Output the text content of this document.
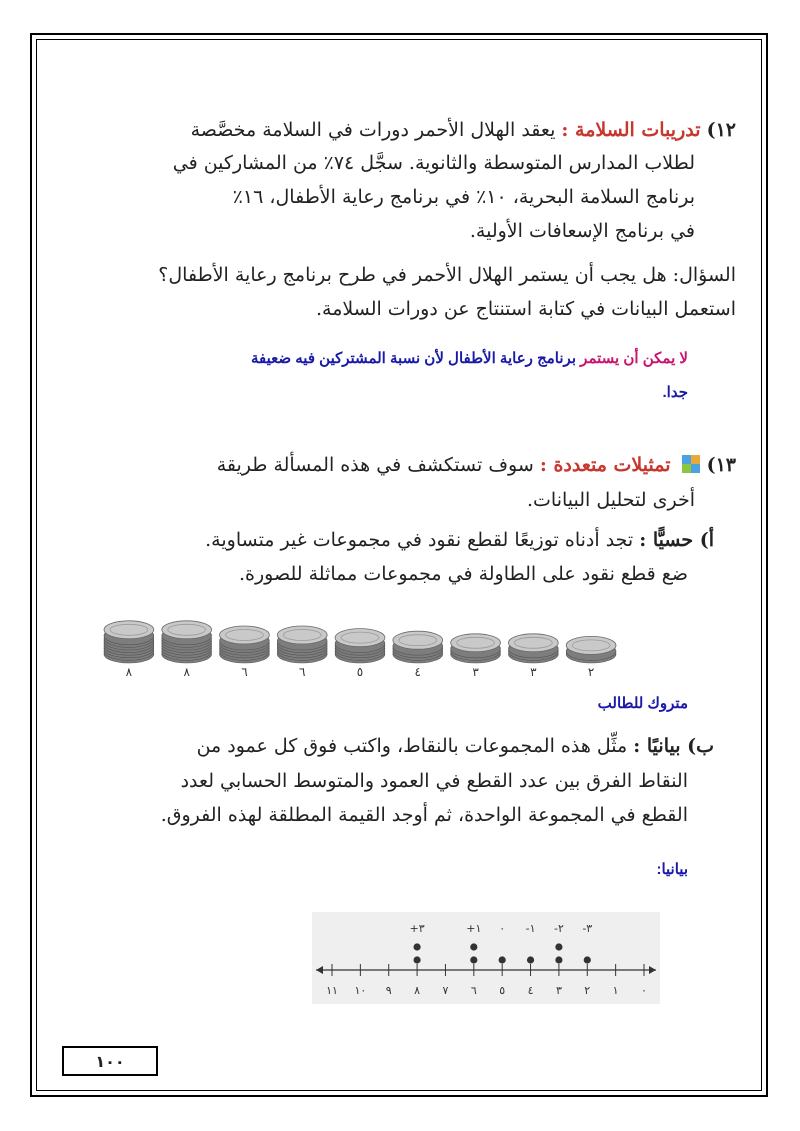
١٢) تدريبات السلامة : يعقد الهلال الأحمر دورات في السلامة مخصَّصة
لطلاب المدارس المتوسطة والثانوية. سجَّل ٧٤٪ من المشاركين في
برنامج السلامة البحرية، ١٠٪ في برنامج رعاية الأطفال، ١٦٪
في برنامج الإسعافات الأولية.
السؤال: هل يجب أن يستمر الهلال الأحمر في طرح برنامج رعاية الأطفال؟
استعمل البيانات في كتابة استنتاج عن دورات السلامة.
لا يمكن أن يستمر برنامج رعاية الأطفال لأن نسبة المشتركين فيه ضعيفة
جدا.
١٣)  تمثيلات متعددة : سوف تستكشف في هذه المسألة طريقة
أخرى لتحليل البيانات.
أ) حسيًّا : تجد أدناه توزيعًا لقطع نقود في مجموعات غير متساوية.
ضع قطع نقود على الطاولة في مجموعات مماثلة للصورة.
٨	٨	٦	٦	٥	٤	٣	٣	٢
متروك للطالب
ب) بيانيًا : مثِّل هذه المجموعات بالنقاط، واكتب فوق كل عمود من
النقاط الفرق بين عدد القطع في العمود والمتوسط الحسابي لعدد
القطع في المجموعة الواحدة، ثم أوجد القيمة المطلقة لهذه الفروق.
بيانيا:
٠
١
٢
٣
٤
٥
٦
٧
٨
٩
١٠
١١
٣-
٢-
١-
٠
١+
٣+
١٠٠
